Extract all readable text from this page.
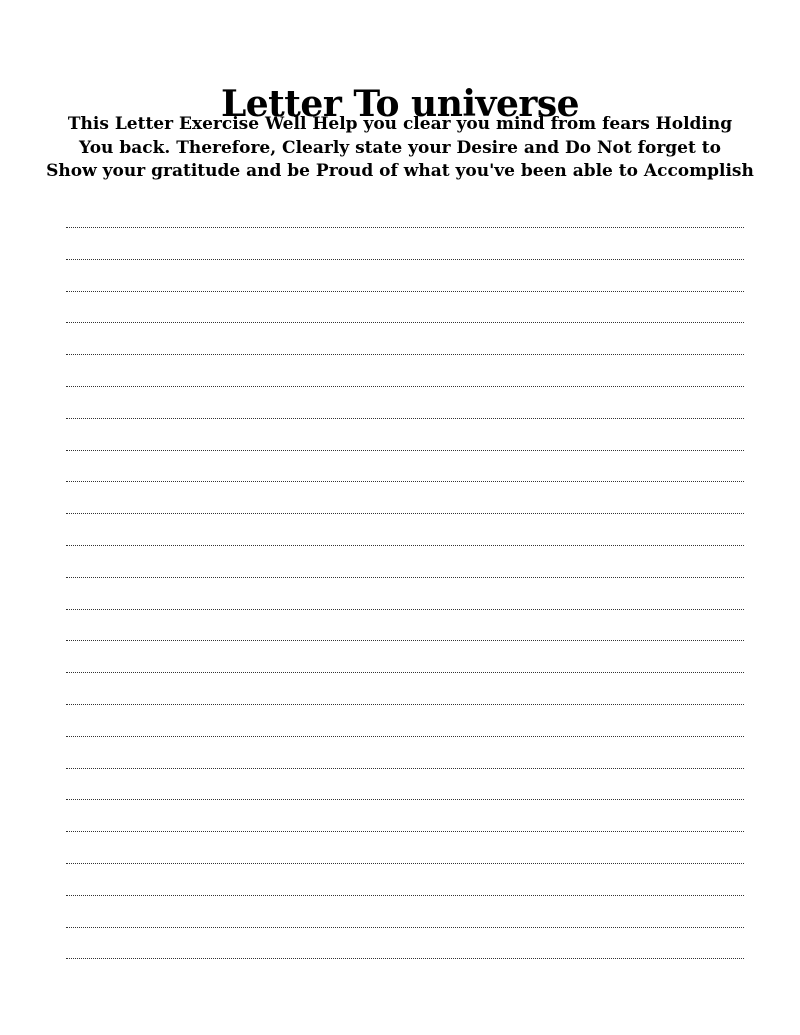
Letter To universe

This Letter Exercise Well Help you clear you mind from fears Holding
You back. Therefore, Clearly state your Desire and Do Not forget to
Show your gratitude and be Proud of what you've been able to Accomplish
